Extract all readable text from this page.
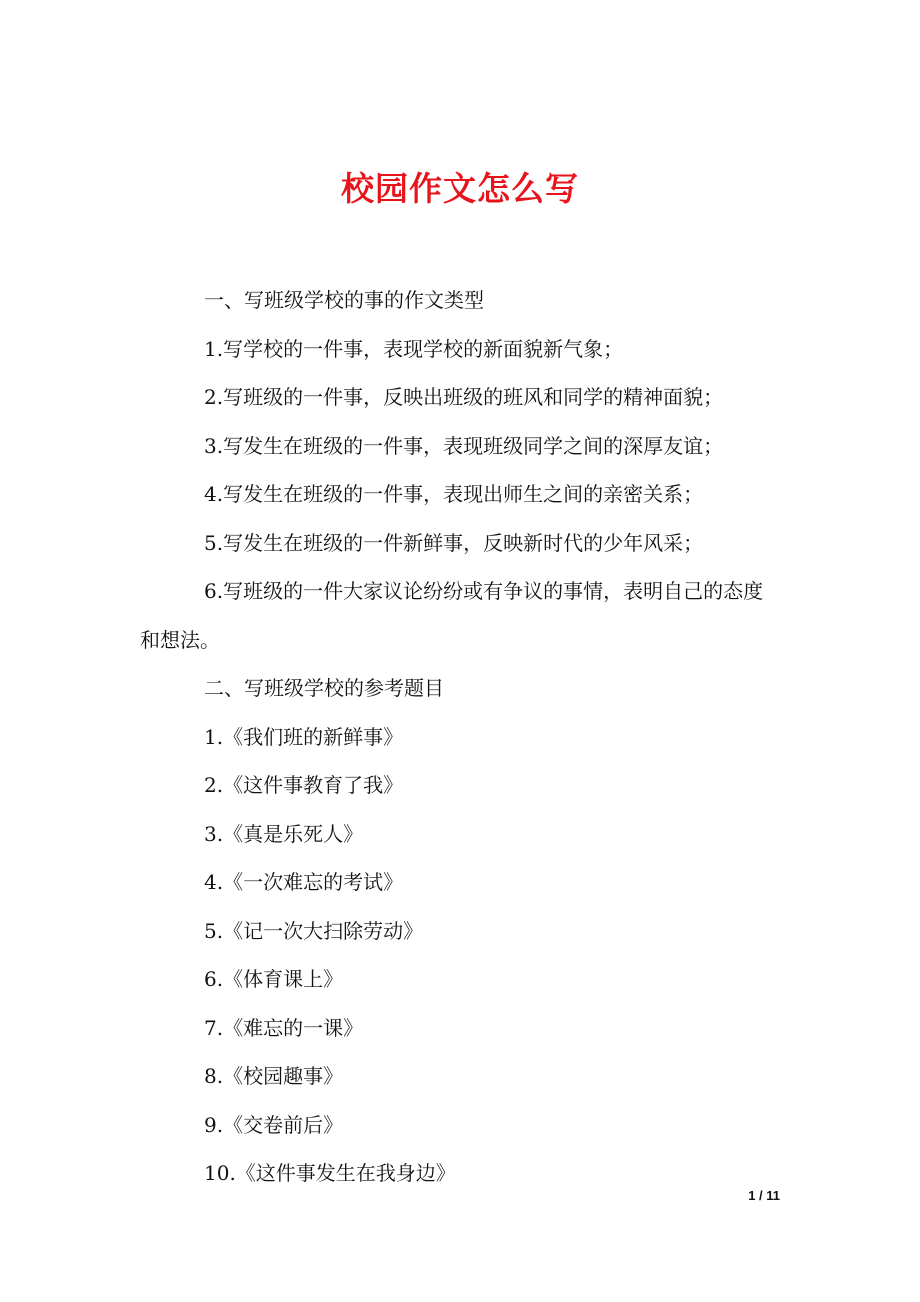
校园作文怎么写

一、写班级学校的事的作文类型

1.写学校的一件事，表现学校的新面貌新气象；

2.写班级的一件事，反映出班级的班风和同学的精神面貌；

3.写发生在班级的一件事，表现班级同学之间的深厚友谊；

4.写发生在班级的一件事，表现出师生之间的亲密关系；

5.写发生在班级的一件新鲜事，反映新时代的少年风采；

6.写班级的一件大家议论纷纷或有争议的事情，表明自己的态度和想法。

二、写班级学校的参考题目

1.《我们班的新鲜事》

2.《这件事教育了我》

3.《真是乐死人》

4.《一次难忘的考试》

5.《记一次大扫除劳动》

6.《体育课上》

7.《难忘的一课》

8.《校园趣事》

9.《交卷前后》

10.《这件事发生在我身边》

1 / 11
